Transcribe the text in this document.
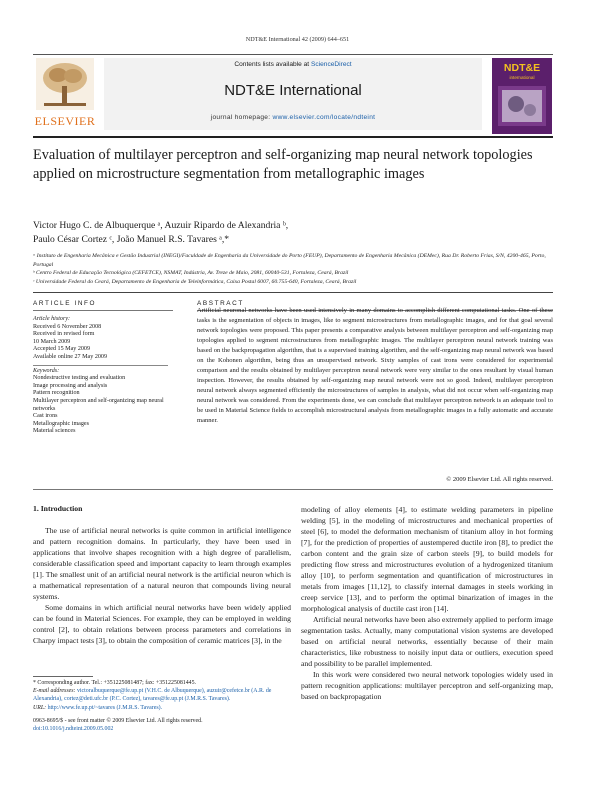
NDT&E International 42 (2009) 644–651
ELSEVIER
Contents lists available at ScienceDirect
NDT&E International
journal homepage: www.elsevier.com/locate/ndteint
NDT&E
international
Evaluation of multilayer perceptron and self-organizing map neural network topologies applied on microstructure segmentation from metallographic images
Victor Hugo C. de Albuquerque ᵃ, Auzuir Ripardo de Alexandria ᵇ,
Paulo César Cortez ᶜ, João Manuel R.S. Tavares ᵃ,*
ᵃ Instituto de Engenharia Mecânica e Gestão Industrial (INEGI)/Faculdade de Engenharia da Universidade do Porto (FEUP), Departamento de Engenharia Mecânica (DEMec), Rua Dr. Roberto Frias, S/N, 4200-465, Porto, Portugal
ᵇ Centro Federal de Educação Tecnológica (CEFETCE), NSMAT, Indústria, Av. Treze de Maio, 2081, 60040-531, Fortaleza, Ceará, Brazil
ᶜ Universidade Federal do Ceará, Departamento de Engenharia de Teleinformática, Caixa Postal 6007, 60.755-640, Fortaleza, Ceará, Brazil
ARTICLE INFO	ABSTRACT
Article history:
Received 6 November 2008
Received in revised form
10 March 2009
Accepted 15 May 2009
Available online 27 May 2009
Keywords:
Nondestructive testing and evaluation
Image processing and analysis
Pattern recognition
Multilayer perceptron and self-organizing map neural networks
Cast irons
Metallographic images
Material sciences
Artificial neuronal networks have been used intensively in many domains to accomplish different computational tasks. One of these tasks is the segmentation of objects in images, like to segment microstructures from metallographic images, and for that goal several network topologies were proposed. This paper presents a comparative analysis between multilayer perceptron and self-organizing map topologies applied to segment microstructures from metallographic images. The multilayer perceptron neural network training was based on the backpropagation algorithm, that is a supervised training algorithm, and the self-organizing map neural network was based on the Kohonen algorithm, being thus an unsupervised network. Sixty samples of cast irons were considered for experimental comparison and the results obtained by multilayer perceptron neural network were very similar to the ones resultant by visual human inspection. However, the results obtained by self-organizing map neural network were not so good. Indeed, multilayer perceptron neural network always segmented efficiently the microstructures of samples in analysis, what did not occur when self-organizing map neural network was considered. From the experiments done, we can conclude that multilayer perceptron network is an adequate tool to be used in Material Science fields to accomplish microstructural analysis from metallographic images in a fully automatic and accurate manner.
© 2009 Elsevier Ltd. All rights reserved.
1. Introduction
The use of artificial neural networks is quite common in artificial intelligence and pattern recognition domains. In particularly, they have been used in applications that involve shapes recognition with a high degree of parallelism, considerable classification speed and important capacity to learn through examples [1]. The smallest unit of an artificial neural network is the artificial neuron which is a mathematical representation of a natural neuron that compounds living neural systems.
Some domains in which artificial neural networks have been widely applied can be found in Material Sciences. For example, they can be employed in welding control [2], to obtain relations between process parameters and correlations in Charpy impact tests [3], to obtain the composition of ceramic matrices [3], in the
modeling of alloy elements [4], to estimate welding parameters in pipeline welding [5], in the modeling of microstructures and mechanical properties of steel [6], to model the deformation mechanism of titanium alloy in hot forming [7], for the prediction of properties of austempered ductile iron [8], to predict the carbon content and the grain size of carbon steels [9], to build models for predicting flow stress and microstructures evolution of a hydrogenized titanium alloy [10], to perform segmentation and quantification of microstructures in metals from images [11,12], to classify internal damages in steels working in creep service [13], and to perform the optimal binarization of images in the morphological analysis of ductile cast iron [14].
Artificial neural networks have been also extremely applied to perform image segmentation tasks. Actually, many computational vision systems are developed based on artificial neural networks, essentially because of their main characteristics, like robustness to noisily input data or outliers, execution speed and possibility to be parallel implemented.
In this work were considered two neural network topologies widely used in pattern recognition applications: multilayer perceptron and self-organizing map, based on backpropagation
* Corresponding author. Tel.: +351225081487; fax: +351225081445.
E-mail addresses: victoralbuquerque@fe.up.pt (V.H.C. de Albuquerque), auzuir@cefetce.br (A.R. de Alexandria), cortez@deti.ufc.br (P.C. Cortez), tavares@fe.up.pt (J.M.R.S. Tavares).
URL: http://www.fe.up.pt/~tavares (J.M.R.S. Tavares).
0963-8695/$ - see front matter © 2009 Elsevier Ltd. All rights reserved.
doi:10.1016/j.ndteint.2009.05.002
